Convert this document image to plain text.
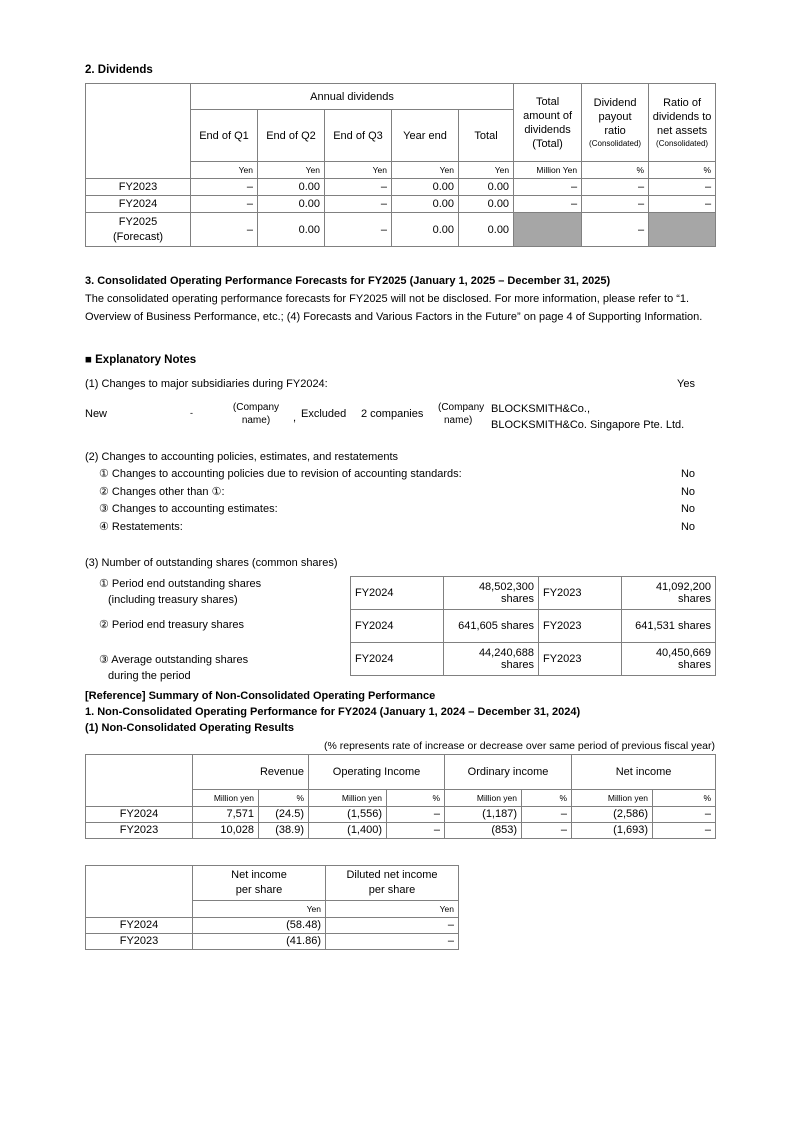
2. Dividends
	Annual dividends					Total
amount of
dividends
(Total)	Dividend
payout
ratio
(Consolidated)	Ratio of
dividends to
net assets
(Consolidated)

	End of Q1	End of Q2	End of Q3	Year end	Total			
	Yen	Yen	Yen	Yen	Yen	Million Yen	%	%
FY2023	–	0.00	–	0.00	0.00	–	–	–
FY2024	–	0.00	–	0.00	0.00	–	–	–
FY2025
(Forecast)	–	0.00	–	0.00	0.00		–	
3. Consolidated Operating Performance Forecasts for FY2025 (January 1, 2025 – December 31, 2025)
The consolidated operating performance forecasts for FY2025 will not be disclosed. For more information, please refer to “1. Overview of Business Performance, etc.; (4) Forecasts and Various Factors in the Future” on page 4 of Supporting Information.
■ Explanatory Notes
(1) Changes to major subsidiaries during FY2024:	Yes
New	-	(Company
name)	, Excluded 2 companies
(Company
name)
BLOCKSMITH&Co.,
BLOCKSMITH&Co. Singapore Pte. Ltd.
(2) Changes to accounting policies, estimates, and restatements
① Changes to accounting policies due to revision of accounting standards:	No
② Changes other than ①:	No
③ Changes to accounting estimates:	No
④ Restatements:	No
(3) Number of outstanding shares (common shares)
① Period end outstanding shares
(including treasury shares)
② Period end treasury shares
③ Average outstanding shares
during the period
FY2024	48,502,300 shares	FY2023	41,092,200 shares
FY2024	641,605 shares	FY2023	641,531 shares
FY2024	44,240,688 shares	FY2023	40,450,669 shares
[Reference] Summary of Non-Consolidated Operating Performance
1. Non-Consolidated Operating Performance for FY2024 (January 1, 2024 – December 31, 2024)
(1) Non-Consolidated Operating Results
(% represents rate of increase or decrease over same period of previous fiscal year)
	Revenue		Operating Income		Ordinary income		Net income	
	Million yen	%	Million yen	%	Million yen	%	Million yen	%
FY2024	7,571	(24.5)	(1,556)	–	(1,187)	–	(2,586)	–
FY2023	10,028	(38.9)	(1,400)	–	(853)	–	(1,693)	–
	Net income
per share	Diluted net income
per share
	Yen	Yen
FY2024	(58.48)	–
FY2023	(41.86)	–
